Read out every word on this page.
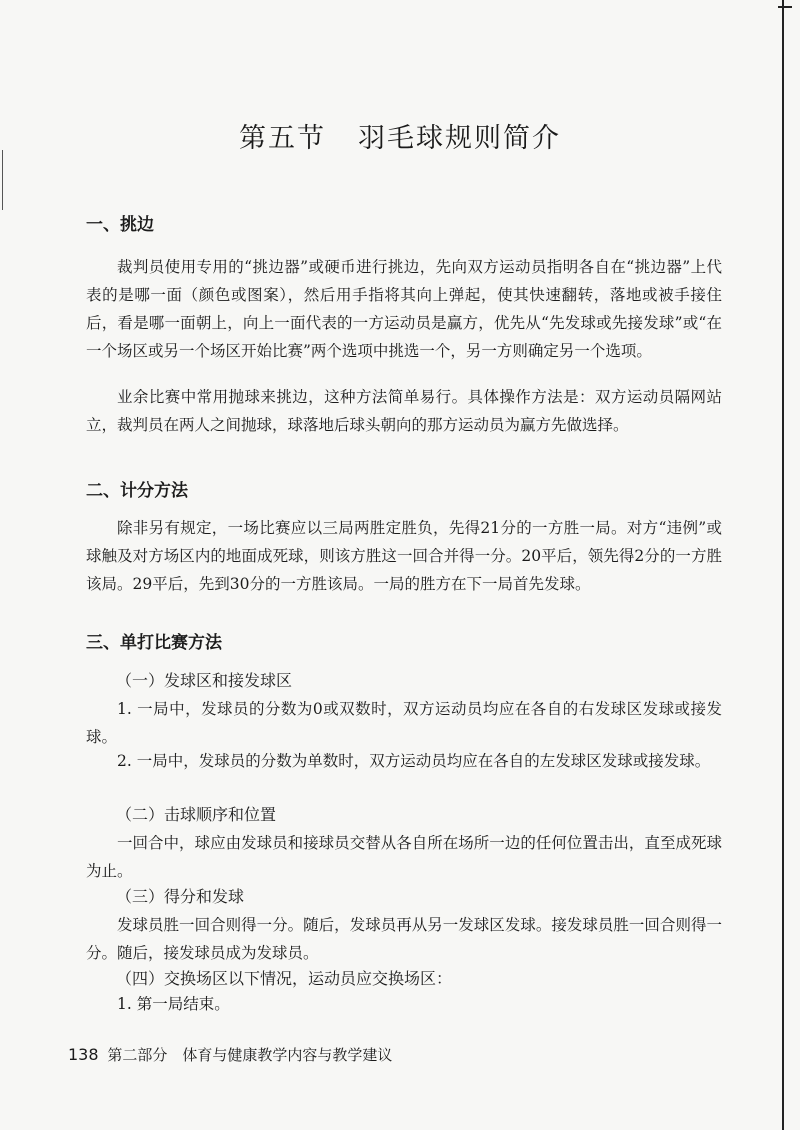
第五节 羽毛球规则简介
一、挑边
裁判员使用专用的“挑边器”或硬币进行挑边，先向双方运动员指明各自在“挑边器”上代表的是哪一面（颜色或图案），然后用手指将其向上弹起，使其快速翻转，落地或被手接住后，看是哪一面朝上，向上一面代表的一方运动员是赢方，优先从“先发球或先接发球”或“在一个场区或另一个场区开始比赛”两个选项中挑选一个，另一方则确定另一个选项。
业余比赛中常用抛球来挑边，这种方法简单易行。具体操作方法是：双方运动员隔网站立，裁判员在两人之间抛球，球落地后球头朝向的那方运动员为赢方先做选择。
二、计分方法
除非另有规定，一场比赛应以三局两胜定胜负，先得21分的一方胜一局。对方“违例”或球触及对方场区内的地面成死球，则该方胜这一回合并得一分。20平后，领先得2分的一方胜该局。29平后，先到30分的一方胜该局。一局的胜方在下一局首先发球。
三、单打比赛方法
（一）发球区和接发球区
1. 一局中，发球员的分数为0或双数时，双方运动员均应在各自的右发球区发球或接发球。
2. 一局中，发球员的分数为单数时，双方运动员均应在各自的左发球区发球或接发球。
（二）击球顺序和位置
一回合中，球应由发球员和接球员交替从各自所在场所一边的任何位置击出，直至成死球为止。
（三）得分和发球
发球员胜一回合则得一分。随后，发球员再从另一发球区发球。接发球员胜一回合则得一分。随后，接发球员成为发球员。
（四）交换场区以下情况，运动员应交换场区：
1. 第一局结束。
138 第二部分　体育与健康教学内容与教学建议
